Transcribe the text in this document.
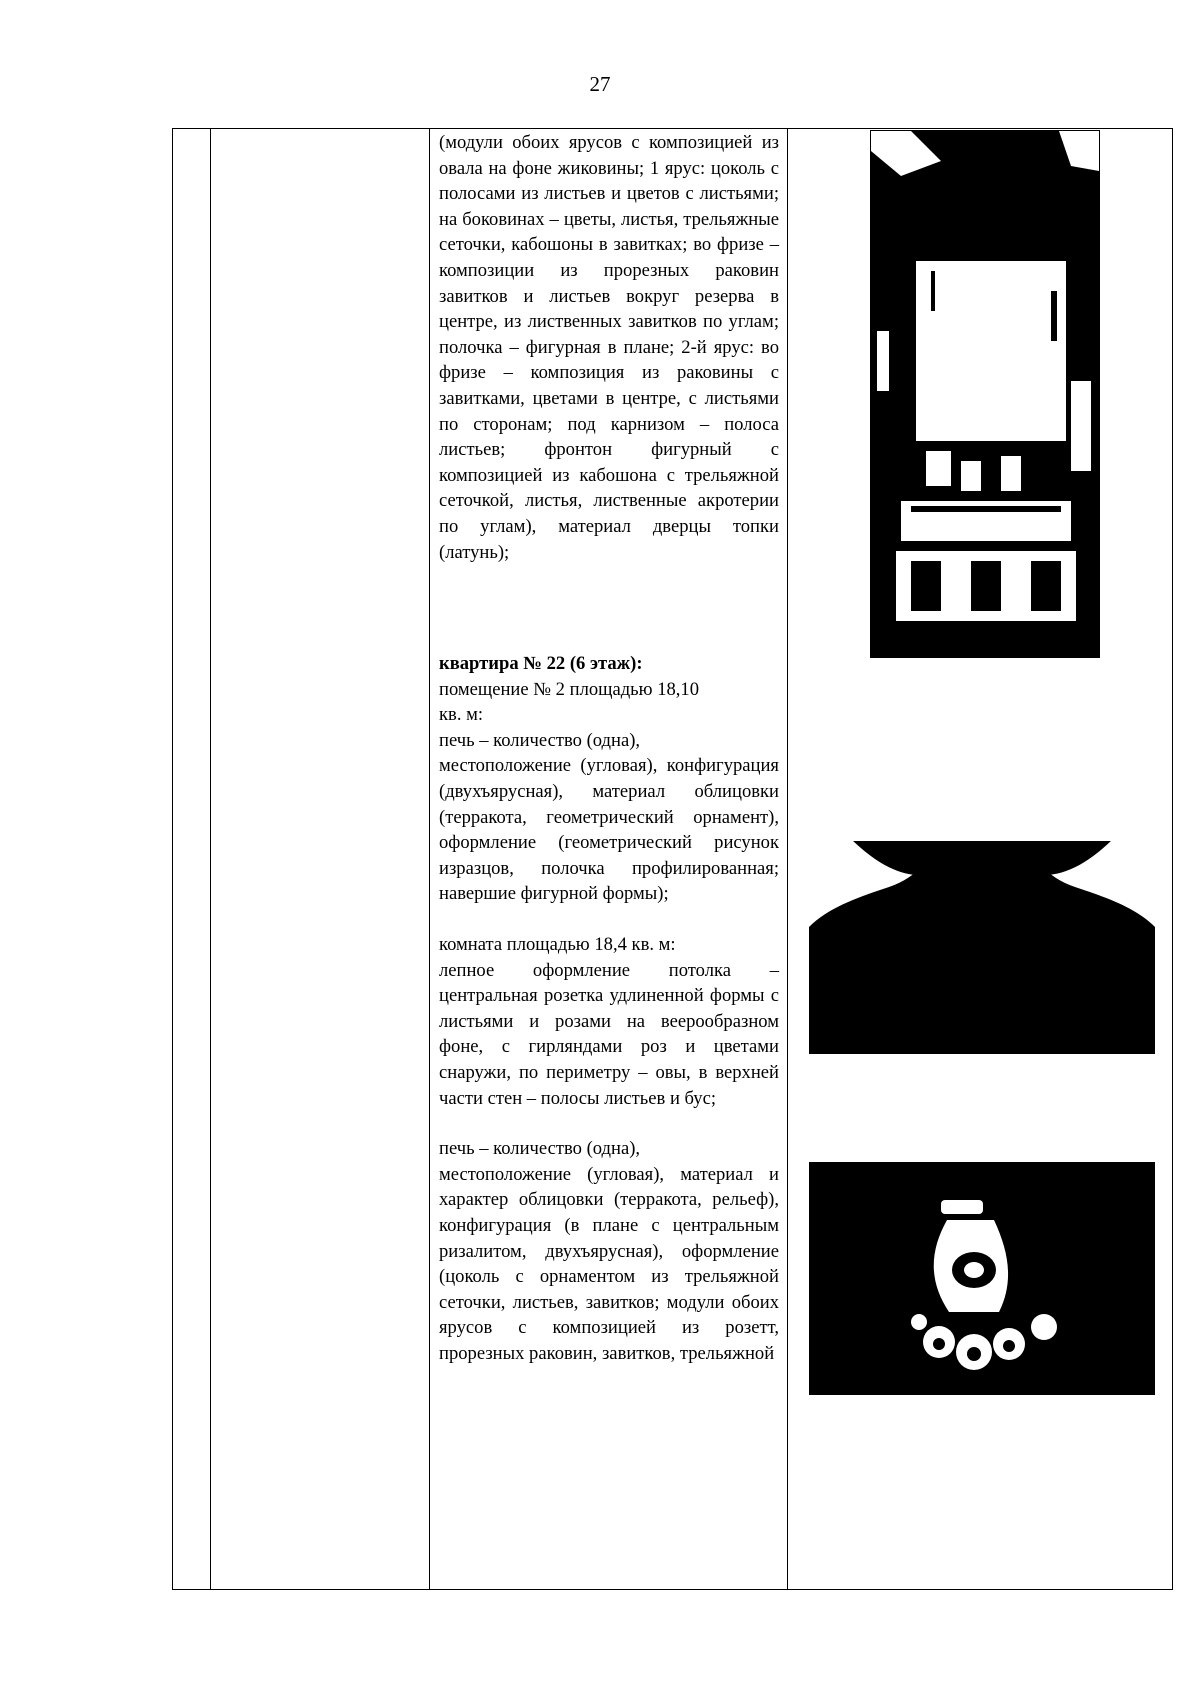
27

(модули обоих ярусов с композицией из овала на фоне жиковины; 1 ярус: цоколь с полосами из листьев и цветов с листьями; на боковинах – цветы, листья, трельяжные сеточки, кабошоны в завитках; во фризе – композиции из прорезных раковин завитков и листьев вокруг резерва в центре, из лиственных завитков по углам; полочка – фигурная в плане; 2-й ярус: во фризе – композиция из раковины с завитками, цветами в центре, с листьями по сторонам; под карнизом – полоса листьев; фронтон фигурный с композицией из кабошона с трельяжной сеточкой, листья, лиственные акротерии по углам), материал дверцы топки (латунь);

квартира № 22 (6 этаж):

помещение № 2 площадью 18,10

кв. м:

печь – количество (одна),

местоположение (угловая), конфигурация (двухъярусная), материал облицовки (терракота, геометрический орнамент), оформление (геометрический рисунок изразцов, полочка профилированная; навершие фигурной формы);

комната площадью 18,4 кв. м:

лепное оформление потолка – центральная розетка удлиненной формы с листьями и розами на веерообразном фоне, с гирляндами роз и цветами снаружи, по периметру – овы, в верхней части стен – полосы листьев и бус;

печь – количество (одна),

местоположение (угловая), материал и характер облицовки (терракота, рельеф), конфигурация (в плане с центральным ризалитом, двухъярусная), оформление (цоколь с орнаментом из трельяжной сеточки, листьев, завитков; модули обоих ярусов с композицией из розетт, прорезных раковин, завитков, трельяжной
